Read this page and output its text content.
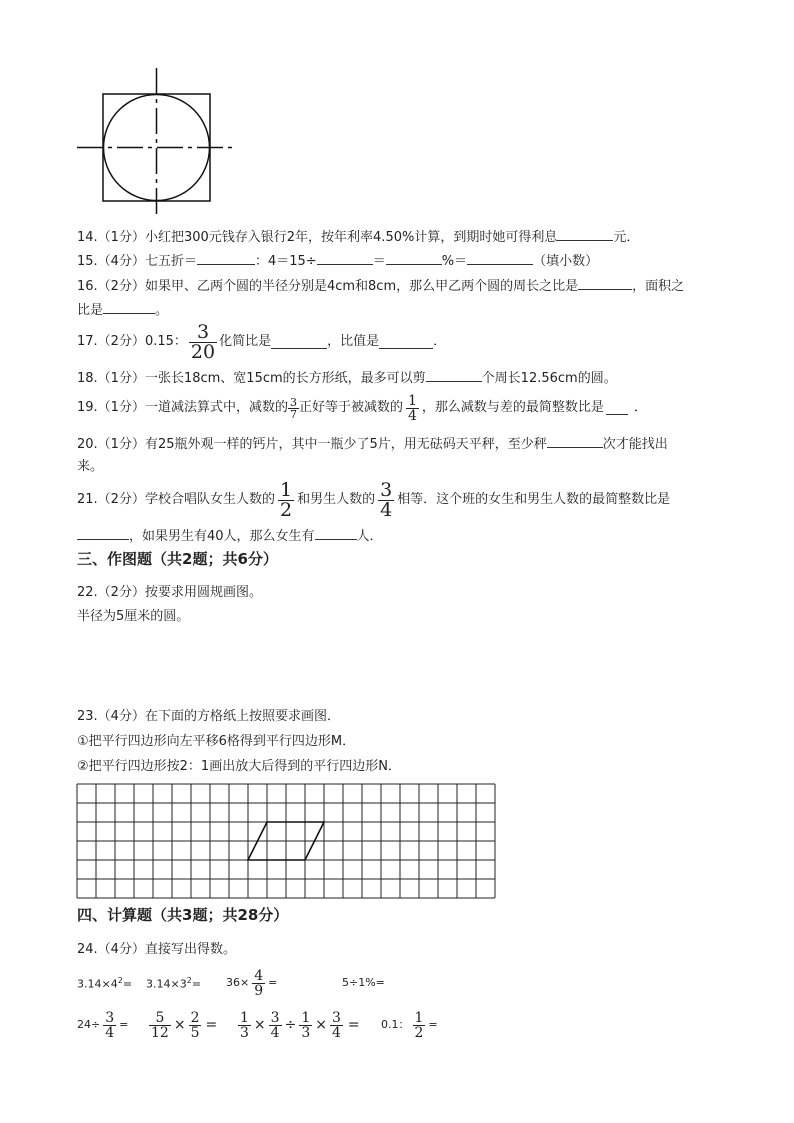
14.（1分）小红把300元钱存入银行2年，按年利率4.50%计算，到期时她可得利息	元．
15.（4分）七五折＝	：4＝15÷	＝	%＝	（填小数）
16.（2分）如果甲、乙两个圆的半径分别是4cm和8cm，那么甲乙两个圆的周长之比是	，面积之
比是	。
17.（2分） 0.15： $\frac{3}{20}$ 化简比是	，比值是	．
18.（1分）一张长18cm、宽15cm的长方形纸，最多可以剪	个周长12.56cm的圆。
19.（1分） 一道减法算式中，减数的 $\frac{3}{7}$ 正好等于被减数的 $\frac{1}{4}$ ，那么减数与差的最简整数比是 ．
20.（1分）有25瓶外观一样的钙片，其中一瓶少了5片，用无砝码天平秤，至少秤	次才能找出
来。
21.（2分） 学校合唱队女生人数的 $\frac{1}{2}$ 和男生人数的 $\frac{3}{4}$ 相等．这个班的女生和男生人数的最简整数比是
，如果男生有40人，那么女生有	人．
三、作图题（共2题；共6分）
22.（2分）按要求用圆规画图。
半径为5厘米的圆。
23.（4分）在下面的方格纸上按照要求画图．
①把平行四边形向左平移6格得到平行四边形M．
②把平行四边形按2：1画出放大后得到的平行四边形N．
四、计算题（共3题；共28分）
24.（4分）直接写出得数。
$3.14\times 4^2= 3.14\times 3^2= 36\times \frac{4}{9}$ =	5÷1%=
$24\div \frac{3}{4} = \frac{5}{12} \times \frac{2}{5} = \frac{1}{3} \times \frac{3}{4} \div \frac{1}{3} \times \frac{3}{4} = 0.1$： $\frac{1}{2}$ =
